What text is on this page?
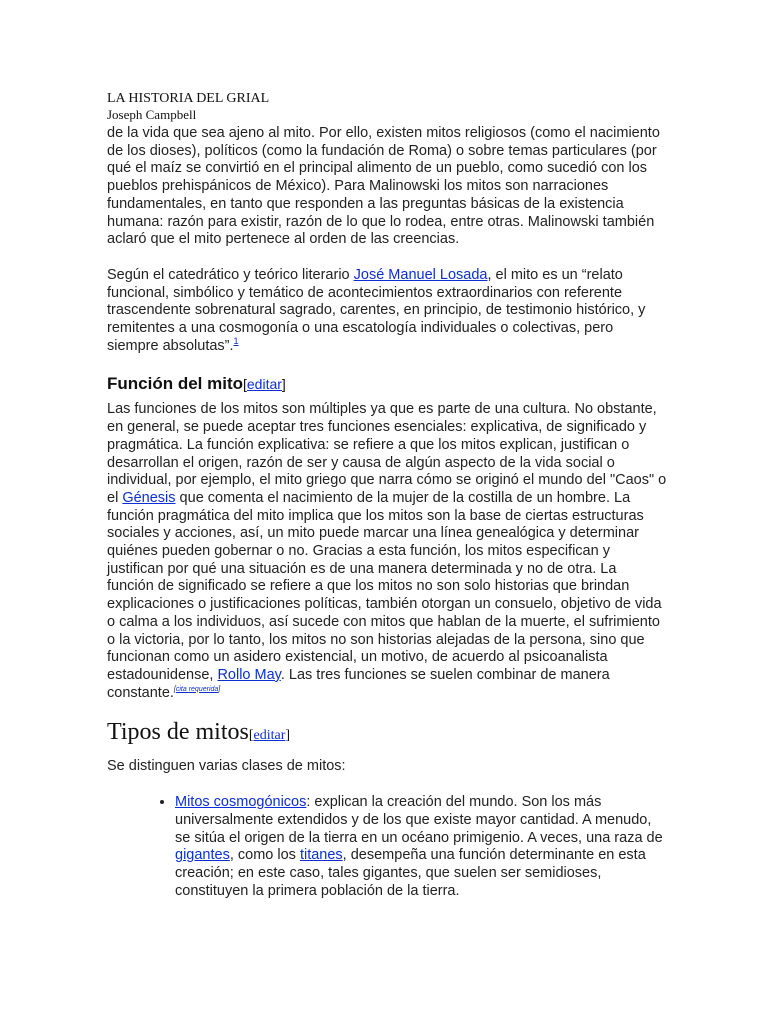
LA HISTORIA DEL GRIAL
Joseph Campbell

de la vida que sea ajeno al mito. Por ello, existen mitos religiosos (como el nacimiento de los dioses), políticos (como la fundación de Roma) o sobre temas particulares (por qué el maíz se convirtió en el principal alimento de un pueblo, como sucedió con los pueblos prehispánicos de México). Para Malinowski los mitos son narraciones fundamentales, en tanto que responden a las preguntas básicas de la existencia humana: razón para existir, razón de lo que lo rodea, entre otras. Malinowski también aclaró que el mito pertenece al orden de las creencias.

Según el catedrático y teórico literario José Manuel Losada, el mito es un “relato funcional, simbólico y temático de acontecimientos extraordinarios con referente trascendente sobrenatural sagrado, carentes, en principio, de testimonio histórico, y remitentes a una cosmogonía o una escatología individuales o colectivas, pero siempre absolutas”.$^1$

Función del mito[editar]

Las funciones de los mitos son múltiples ya que es parte de una cultura. No obstante, en general, se puede aceptar tres funciones esenciales: explicativa, de significado y pragmática. La función explicativa: se refiere a que los mitos explican, justifican o desarrollan el origen, razón de ser y causa de algún aspecto de la vida social o individual, por ejemplo, el mito griego que narra cómo se originó el mundo del "Caos" o el Génesis que comenta el nacimiento de la mujer de la costilla de un hombre. La función pragmática del mito implica que los mitos son la base de ciertas estructuras sociales y acciones, así, un mito puede marcar una línea genealógica y determinar quiénes pueden gobernar o no. Gracias a esta función, los mitos especifican y justifican por qué una situación es de una manera determinada y no de otra. La función de significado se refiere a que los mitos no son solo historias que brindan explicaciones o justificaciones políticas, también otorgan un consuelo, objetivo de vida o calma a los individuos, así sucede con mitos que hablan de la muerte, el sufrimiento o la victoria, por lo tanto, los mitos no son historias alejadas de la persona, sino que funcionan como un asidero existencial, un motivo, de acuerdo al psicoanalista estadounidense, Rollo May. Las tres funciones se suelen combinar de manera constante.[cita requerida]

Tipos de mitos[editar]

Se distinguen varias clases de mitos:

• Mitos cosmogónicos: explican la creación del mundo. Son los más universalmente extendidos y de los que existe mayor cantidad. A menudo, se sitúa el origen de la tierra en un océano primigenio. A veces, una raza de gigantes, como los titanes, desempeña una función determinante en esta creación; en este caso, tales gigantes, que suelen ser semidioses, constituyen la primera población de la tierra.
